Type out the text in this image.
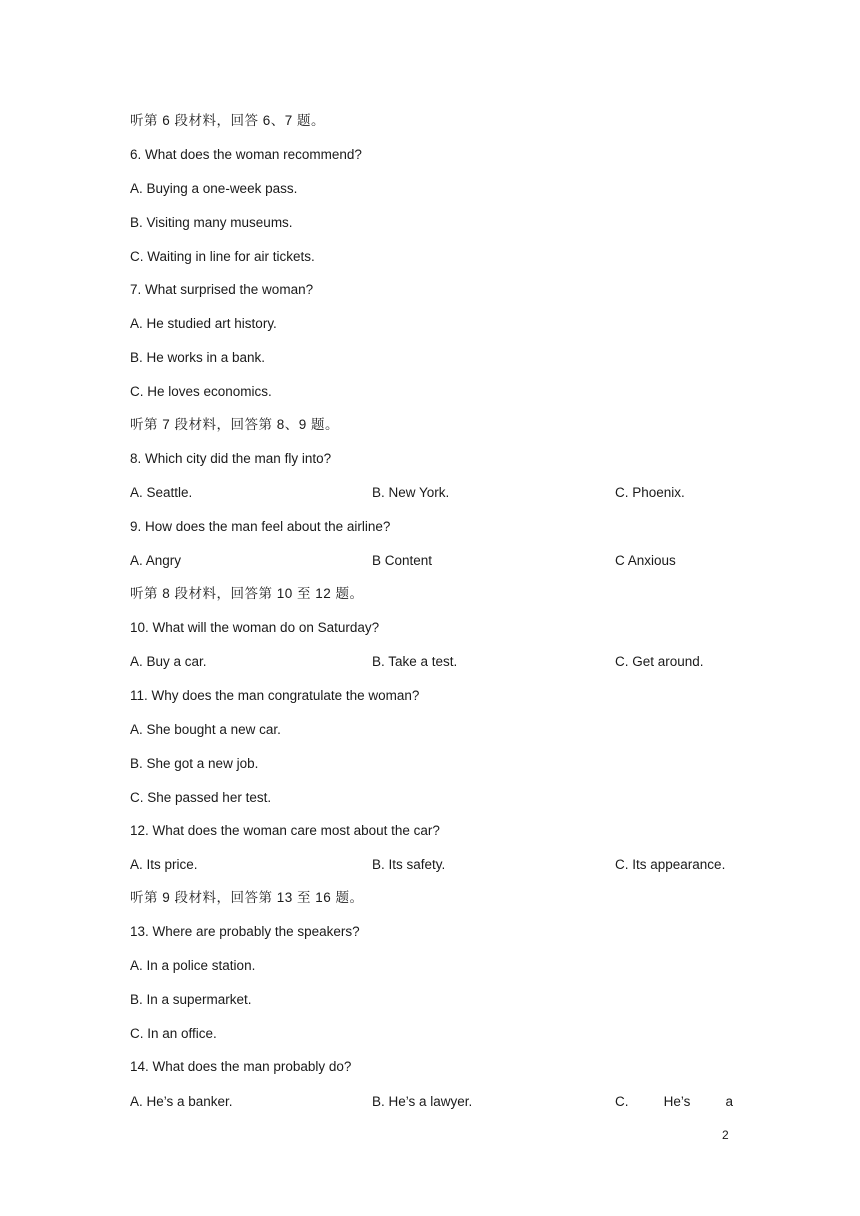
听第 6 段材料，回答 6、7 题。
6. What does the woman recommend?
A. Buying a one-week pass.
B. Visiting many museums.
C. Waiting in line for air tickets.
7. What surprised the woman?
A. He studied art history.
B. He works in a bank.
C. He loves economics.
听第 7 段材料，回答第 8、9 题。
8. Which city did the man fly into?
A. Seattle.	B. New York.	C. Phoenix.
9. How does the man feel about the airline?
A. Angry	B Content	C Anxious
听第 8 段材料，回答第 10 至 12 题。
10. What will the woman do on Saturday?
A. Buy a car.	B. Take a test.	C. Get around.
11. Why does the man congratulate the woman?
A. She bought a new car.
B. She got a new job.
C. She passed her test.
12. What does the woman care most about the car?
A. Its price.	B. Its safety.	C. Its appearance.
听第 9 段材料，回答第 13 至 16 题。
13. Where are probably the speakers?
A. In a police station.
B. In a supermarket.
C. In an office.
14. What does the man probably do?
A. He’s a banker.	B. He’s a lawyer.	C.	He’s	a
2
